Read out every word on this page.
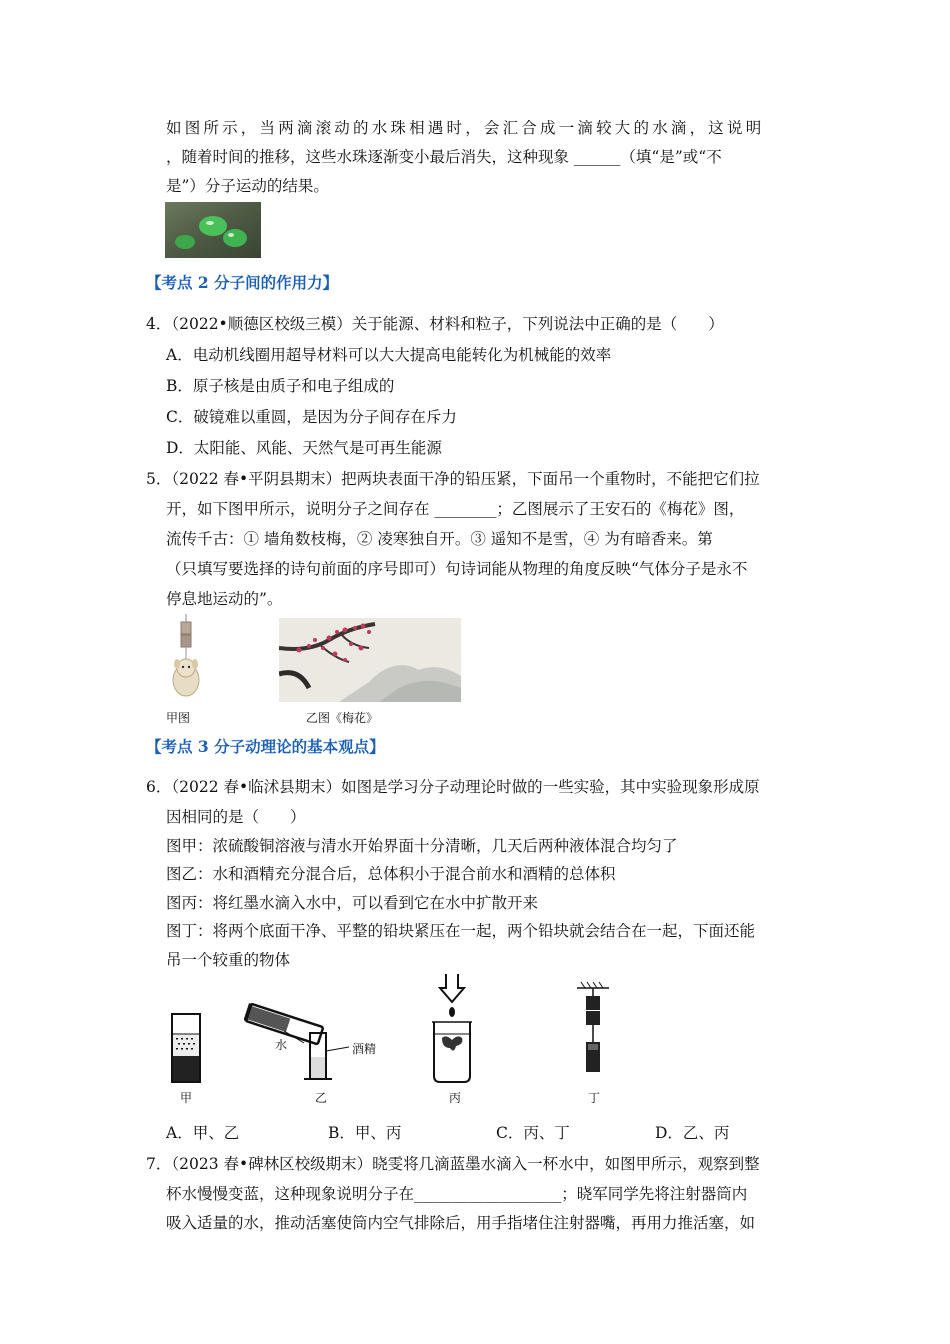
如图所示，当两滴滚动的水珠相遇时，会汇合成一滴较大的水滴，这说明
，随着时间的推移，这些水珠逐渐变小最后消失，这种现象 ______（填“是”或“不
是”）分子运动的结果。
【考点 2 分子间的作用力】
4．（2022•顺德区校级三模）关于能源、材料和粒子，下列说法中正确的是（　　）
A．电动机线圈用超导材料可以大大提高电能转化为机械能的效率
B．原子核是由质子和电子组成的
C．破镜难以重圆，是因为分子间存在斥力
D．太阳能、风能、天然气是可再生能源
5．（2022 春•平阴县期末）把两块表面干净的铅压紧，下面吊一个重物时，不能把它们拉
开，如下图甲所示，说明分子之间存在 ________；乙图展示了王安石的《梅花》图，
流传千古：① 墙角数枝梅，② 凌寒独自开。③ 遥知不是雪，④ 为有暗香来。第
（只填写要选择的诗句前面的序号即可）句诗词能从物理的角度反映“气体分子是永不
停息地运动的”。
甲图	乙图《梅花》
【考点 3 分子动理论的基本观点】
6．（2022 春•临沭县期末）如图是学习分子动理论时做的一些实验，其中实验现象形成原
因相同的是（　　）
图甲：浓硫酸铜溶液与清水开始界面十分清晰，几天后两种液体混合均匀了
图乙：水和酒精充分混合后，总体积小于混合前水和酒精的总体积
图丙：将红墨水滴入水中，可以看到它在水中扩散开来
图丁：将两个底面干净、平整的铅块紧压在一起，两个铅块就会结合在一起，下面还能
吊一个较重的物体
甲
水	酒精
乙	丙	丁
A．甲、乙	B．甲、丙	C．丙、丁	D．乙、丙
7．（2023 春•碑林区校级期末）晓雯将几滴蓝墨水滴入一杯水中，如图甲所示，观察到整
杯水慢慢变蓝，这种现象说明分子在___________________；晓军同学先将注射器筒内
吸入适量的水，推动活塞使筒内空气排除后，用手指堵住注射器嘴，再用力推活塞，如
